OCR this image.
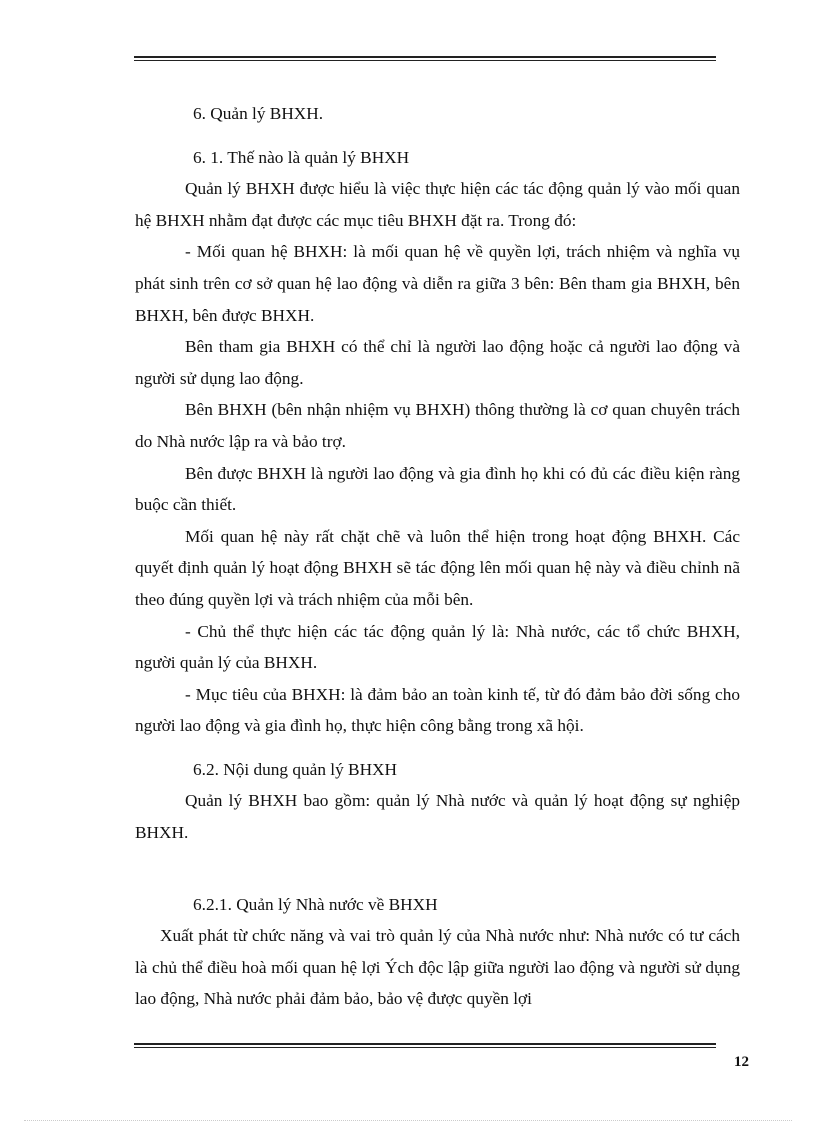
6. Quản lý BHXH.

6. 1. Thế nào là quản lý BHXH

Quản lý BHXH được hiểu là việc thực hiện các tác động quản lý vào mối quan hệ BHXH nhằm đạt được các mục tiêu BHXH đặt ra. Trong đó:

- Mối quan hệ BHXH: là mối quan hệ về quyền lợi, trách nhiệm và nghĩa vụ phát sinh trên cơ sở quan hệ lao động và diễn ra giữa 3 bên: Bên tham gia BHXH, bên BHXH, bên được BHXH.

Bên tham gia BHXH có thể chỉ là người lao động hoặc cả người lao động và người sử dụng lao động.

Bên BHXH (bên nhận nhiệm vụ BHXH) thông thường là cơ quan chuyên trách do Nhà nước lập ra và bảo trợ.

Bên được BHXH là người lao động và gia đình họ khi có đủ các điều kiện ràng buộc cần thiết.

Mối quan hệ này rất chặt chẽ và luôn thể hiện trong hoạt động BHXH. Các quyết định quản lý hoạt động BHXH sẽ tác động lên mối quan hệ này và điều chỉnh nã theo đúng quyền lợi và trách nhiệm của mỗi bên.

- Chủ thể thực hiện các tác động quản lý là: Nhà nước, các tổ chức BHXH, người quản lý của BHXH.

- Mục tiêu của BHXH: là đảm bảo an toàn kinh tế, từ đó đảm bảo đời sống cho người lao động và gia đình họ, thực hiện công bằng trong xã hội.

6.2. Nội dung quản lý BHXH

Quản lý BHXH bao gồm: quản lý Nhà nước và quản lý hoạt động sự nghiệp BHXH.

6.2.1. Quản lý Nhà nước về BHXH

Xuất phát từ chức năng và vai trò quản lý của Nhà nước như: Nhà nước có tư cách là chủ thể điều hoà mối quan hệ lợi Ých độc lập giữa người lao động và người sử dụng lao động, Nhà nước phải đảm bảo, bảo vệ được quyền lợi

12
